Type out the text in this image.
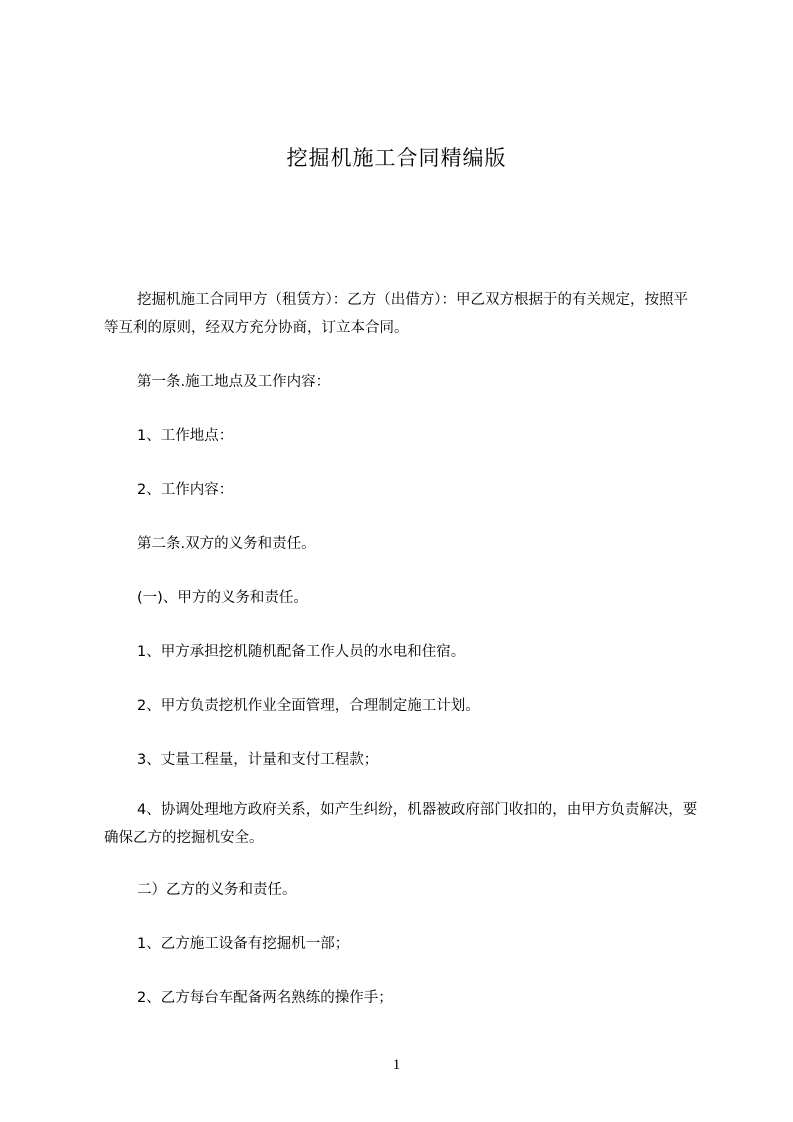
挖掘机施工合同精编版
挖掘机施工合同甲方（租赁方）：乙方（出借方）：甲乙双方根据于的有关规定，按照平等互利的原则，经双方充分协商，订立本合同。
第一条.施工地点及工作内容：
1、工作地点：
2、工作内容：
第二条.双方的义务和责任。
(一)、甲方的义务和责任。
1、甲方承担挖机随机配备工作人员的水电和住宿。
2、甲方负责挖机作业全面管理，合理制定施工计划。
3、丈量工程量，计量和支付工程款；
4、协调处理地方政府关系，如产生纠纷，机器被政府部门收扣的，由甲方负责解决，要确保乙方的挖掘机安全。
二）乙方的义务和责任。
1、乙方施工设备有挖掘机一部；
2、乙方每台车配备两名熟练的操作手；
1
